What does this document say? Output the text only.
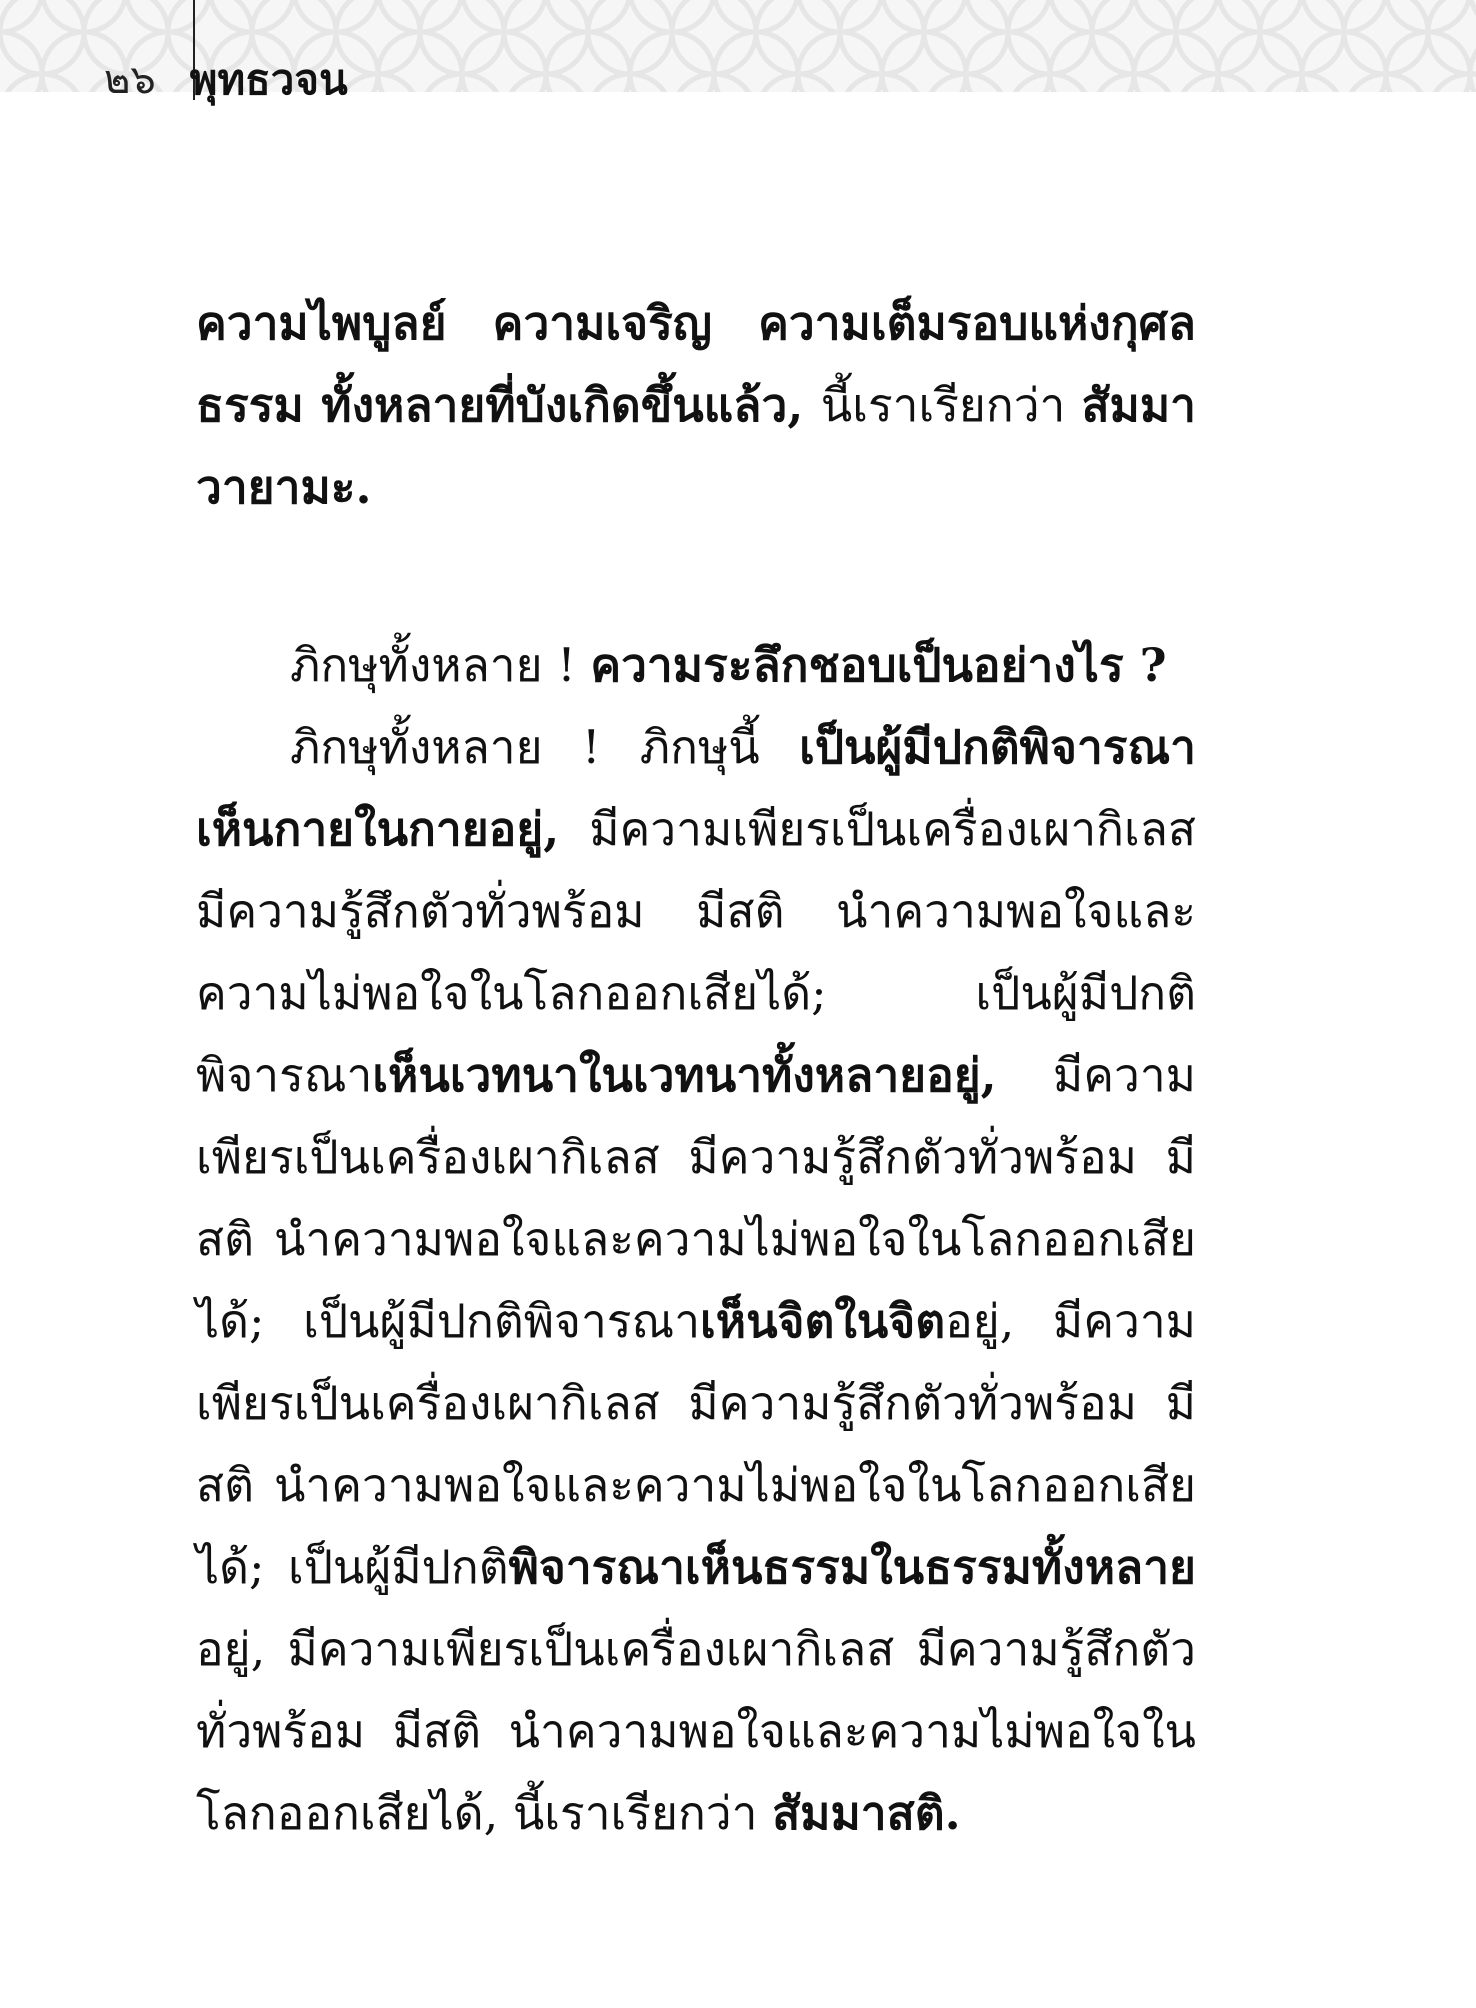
๒๖ พุทธวจน

ความไพบูลย์ ความเจริญ ความเต็มรอบแห่งกุศลธรรม ทั้งหลายที่บังเกิดขึ้นแล้ว, นี้เราเรียกว่า สัมมาวายามะ.

ภิกษุทั้งหลาย ! ความระลึกชอบเป็นอย่างไร ?

ภิกษุทั้งหลาย ! ภิกษุนี้ เป็นผู้มีปกติพิจารณาเห็นกายในกายอยู่, มีความเพียรเป็นเครื่องเผากิเลส มีความรู้สึกตัวทั่วพร้อม มีสติ นำความพอใจและความไม่พอใจในโลกออกเสียได้; เป็นผู้มีปกติพิจารณาเห็นเวทนาในเวทนาทั้งหลายอยู่, มีความเพียรเป็นเครื่องเผากิเลส มีความรู้สึกตัวทั่วพร้อม มีสติ นำความพอใจและความไม่พอใจในโลกออกเสียได้; เป็นผู้มีปกติพิจารณาเห็นจิตในจิตอยู่, มีความเพียรเป็นเครื่องเผากิเลส มีความรู้สึกตัวทั่วพร้อม มีสติ นำความพอใจและความไม่พอใจในโลกออกเสียได้; เป็นผู้มีปกติพิจารณาเห็นธรรมในธรรมทั้งหลายอยู่, มีความเพียรเป็นเครื่องเผากิเลส มีความรู้สึกตัวทั่วพร้อม มีสติ นำความพอใจและความไม่พอใจในโลกออกเสียได้, นี้เราเรียกว่า สัมมาสติ.
